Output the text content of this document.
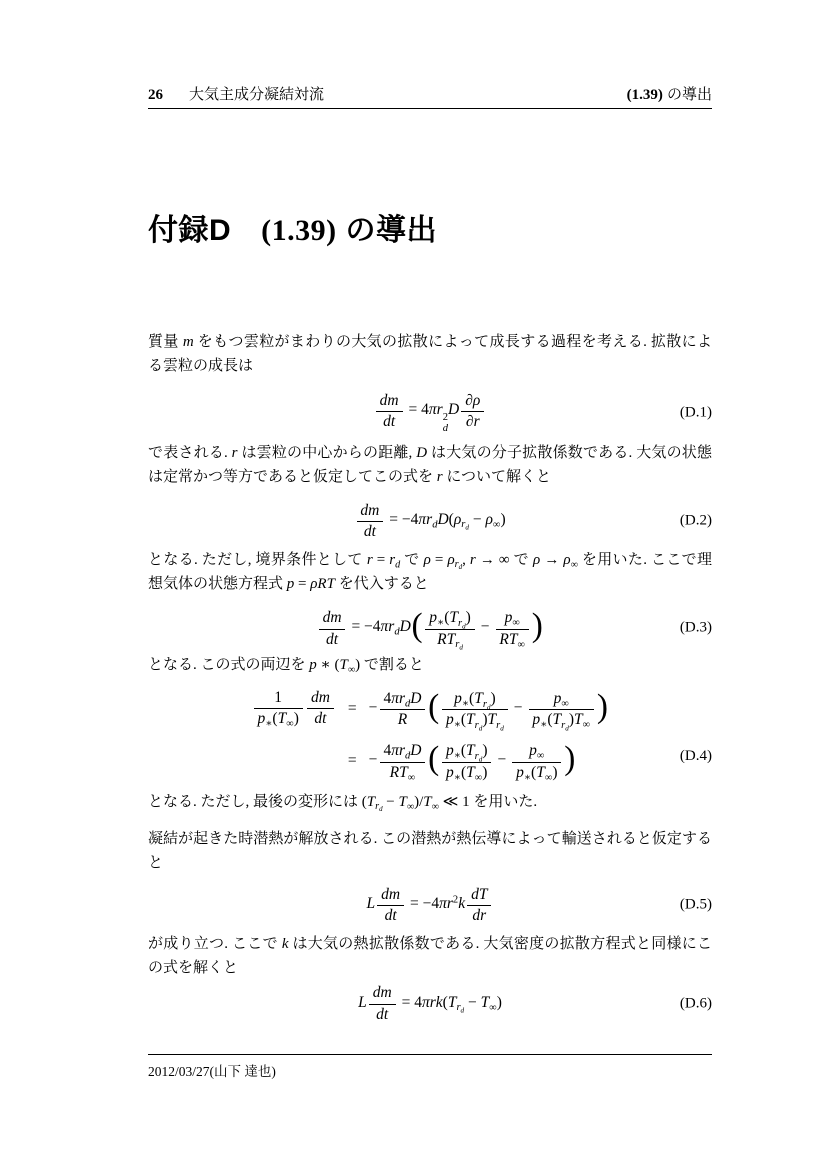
26 大気主成分凝結対流	(1.39) の導出
付録D (1.39) の導出

質量 m をもつ雲粒がまわりの大気の拡散によって成長する過程を考える. 拡散による雲粒の成長は

$\frac{dm}{dt} = 4\pi r$ 2
d
D $\frac{\partial\rho}{\partial r}$	(D.1)

で表される. r は雲粒の中心からの距離, D は大気の分子拡散係数である. 大気の状態は定常かつ等方であると仮定してこの式を r について解くと

$\frac{dm}{dt} = -4\pi r_dD(\rho_{r_d} - \rho_\infty)$	(D.2)

となる. ただし, 境界条件として $r = r_d$ で $\rho = \rho_{r_d}$, r → ∞ で $\rho \to \rho_\infty$ を用いた. ここで理想気体の状態方程式 p = ρRT を代入すると

$\frac{dm}{dt} = -4\pi r_dD( \frac{p_∗(T_{r_d})}{RT_{r_d}} - \frac{p_\infty}{RT_\infty}$ )	(D.3)

となる. この式の両辺を p ∗ $(T_\infty)$ で割ると

$\frac{1}{p_∗(T_\infty)} \frac{dm}{dt}$ = − $\frac{4\pi r_dD}{R}$ ( $\frac{p_∗(T_{r_d})}{p_∗(T_{r_d})T_{r_d}} - \frac{p_\infty}{p_∗(T_{r_d})T_\infty}$ )
= − $\frac{4\pi r_dD}{RT_\infty}$ ( $\frac{p_∗(T_{r_d})}{p_∗(T_\infty)} - \frac{p_\infty}{p_∗(T_\infty)}$ )	(D.4)

となる. ただし, 最後の変形には $(T_{r_d} - T_\infty)/T_\infty$ ≪ 1 を用いた.

凝結が起きた時潜熱が解放される. この潜熱が熱伝導によって輸送されると仮定すると

L $\frac{dm}{dt} = -4\pi r^2k \frac{dT}{dr}$	(D.5)

が成り立つ. ここで k は大気の熱拡散係数である. 大気密度の拡散方程式と同様にこの式を解くと

L $\frac{dm}{dt} = 4\pi rk(T_{r_d} - T_\infty)$	(D.6)
2012/03/27(山下 達也)
